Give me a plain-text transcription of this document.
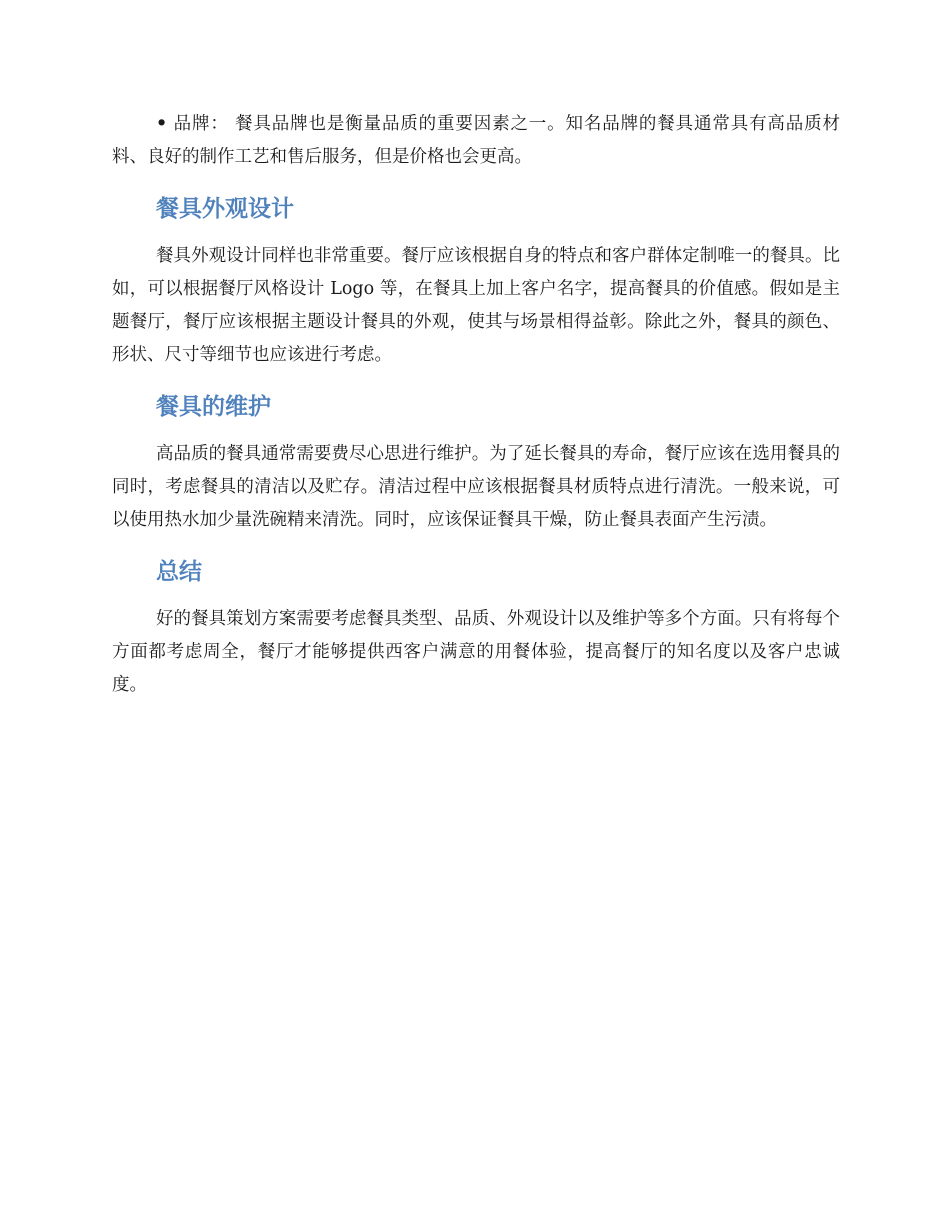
• 品牌： 餐具品牌也是衡量品质的重要因素之一。知名品牌的餐具通常具有高品质材料、良好的制作工艺和售后服务，但是价格也会更高。

餐具外观设计

餐具外观设计同样也非常重要。餐厅应该根据自身的特点和客户群体定制唯一的餐具。比如，可以根据餐厅风格设计 Logo 等，在餐具上加上客户名字，提高餐具的价值感。假如是主题餐厅，餐厅应该根据主题设计餐具的外观，使其与场景相得益彰。除此之外，餐具的颜色、形状、尺寸等细节也应该进行考虑。

餐具的维护

高品质的餐具通常需要费尽心思进行维护。为了延长餐具的寿命，餐厅应该在选用餐具的同时，考虑餐具的清洁以及贮存。清洁过程中应该根据餐具材质特点进行清洗。一般来说，可以使用热水加少量洗碗精来清洗。同时，应该保证餐具干燥，防止餐具表面产生污渍。

总结

好的餐具策划方案需要考虑餐具类型、品质、外观设计以及维护等多个方面。只有将每个方面都考虑周全，餐厅才能够提供西客户满意的用餐体验，提高餐厅的知名度以及客户忠诚度。
